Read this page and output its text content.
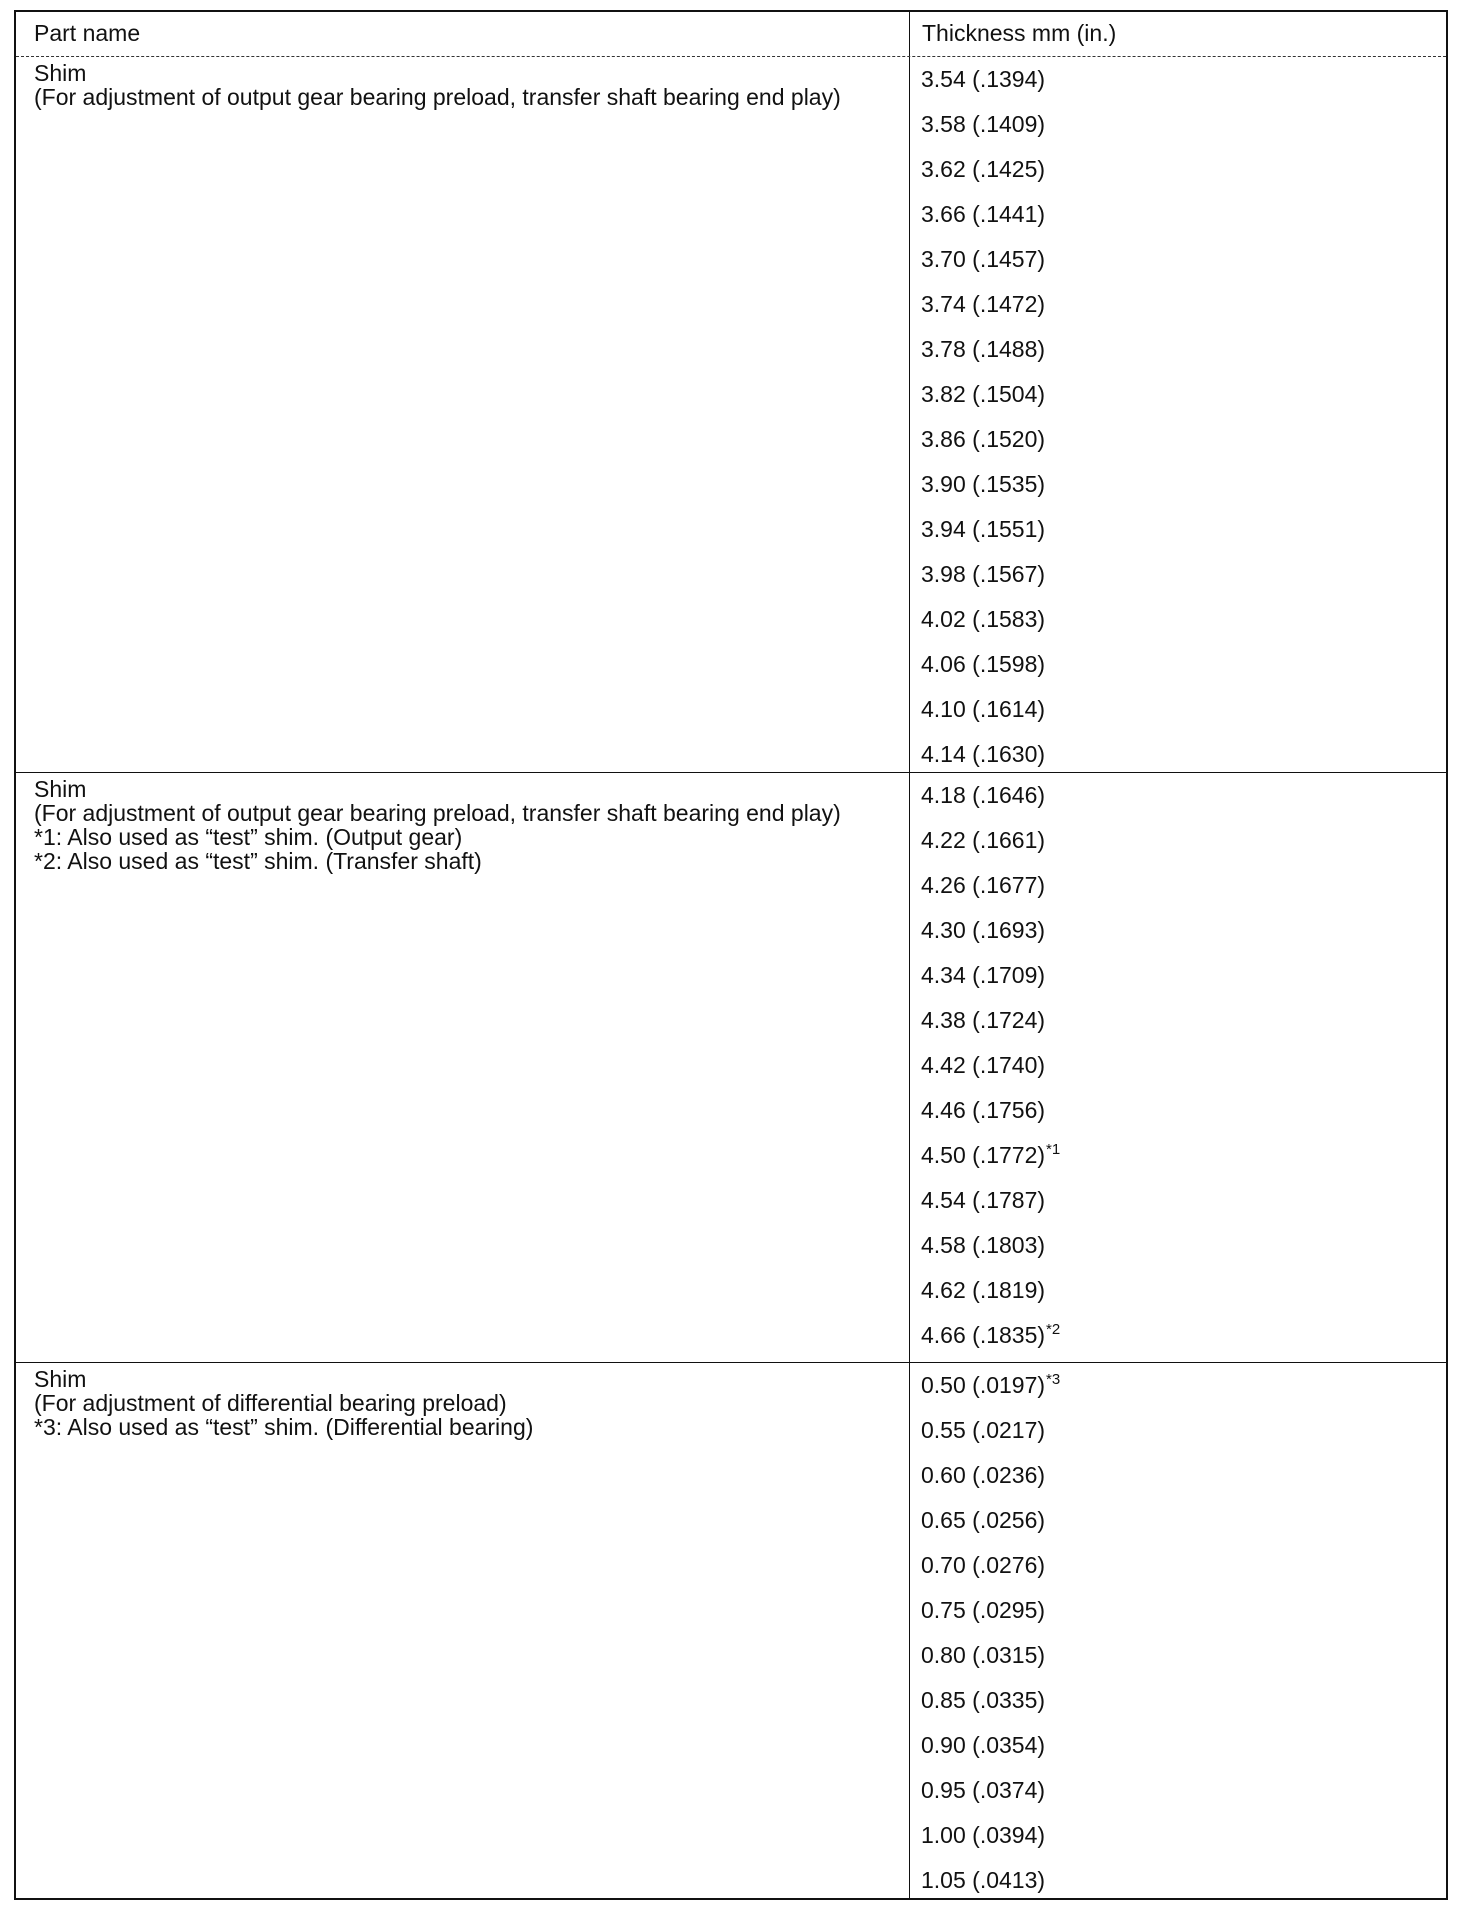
Part name	Thickness mm (in.)
Shim
(For adjustment of output gear bearing preload, transfer shaft bearing end play)
3.54 (.1394)
3.58 (.1409)
3.62 (.1425)
3.66 (.1441)
3.70 (.1457)
3.74 (.1472)
3.78 (.1488)
3.82 (.1504)
3.86 (.1520)
3.90 (.1535)
3.94 (.1551)
3.98 (.1567)
4.02 (.1583)
4.06 (.1598)
4.10 (.1614)
4.14 (.1630)
Shim
(For adjustment of output gear bearing preload, transfer shaft bearing end play)
*1: Also used as “test” shim. (Output gear)
*2: Also used as “test” shim. (Transfer shaft)
4.18 (.1646)
4.22 (.1661)
4.26 (.1677)
4.30 (.1693)
4.34 (.1709)
4.38 (.1724)
4.42 (.1740)
4.46 (.1756)
4.50 $(.1772)^{*1}$
4.54 (.1787)
4.58 (.1803)
4.62 (.1819)
4.66 $(.1835)^{*2}$
Shim
(For adjustment of differential bearing preload)
*3: Also used as “test” shim. (Differential bearing)
0.50 $(.0197)^{*3}$
0.55 (.0217)
0.60 (.0236)
0.65 (.0256)
0.70 (.0276)
0.75 (.0295)
0.80 (.0315)
0.85 (.0335)
0.90 (.0354)
0.95 (.0374)
1.00 (.0394)
1.05 (.0413)
